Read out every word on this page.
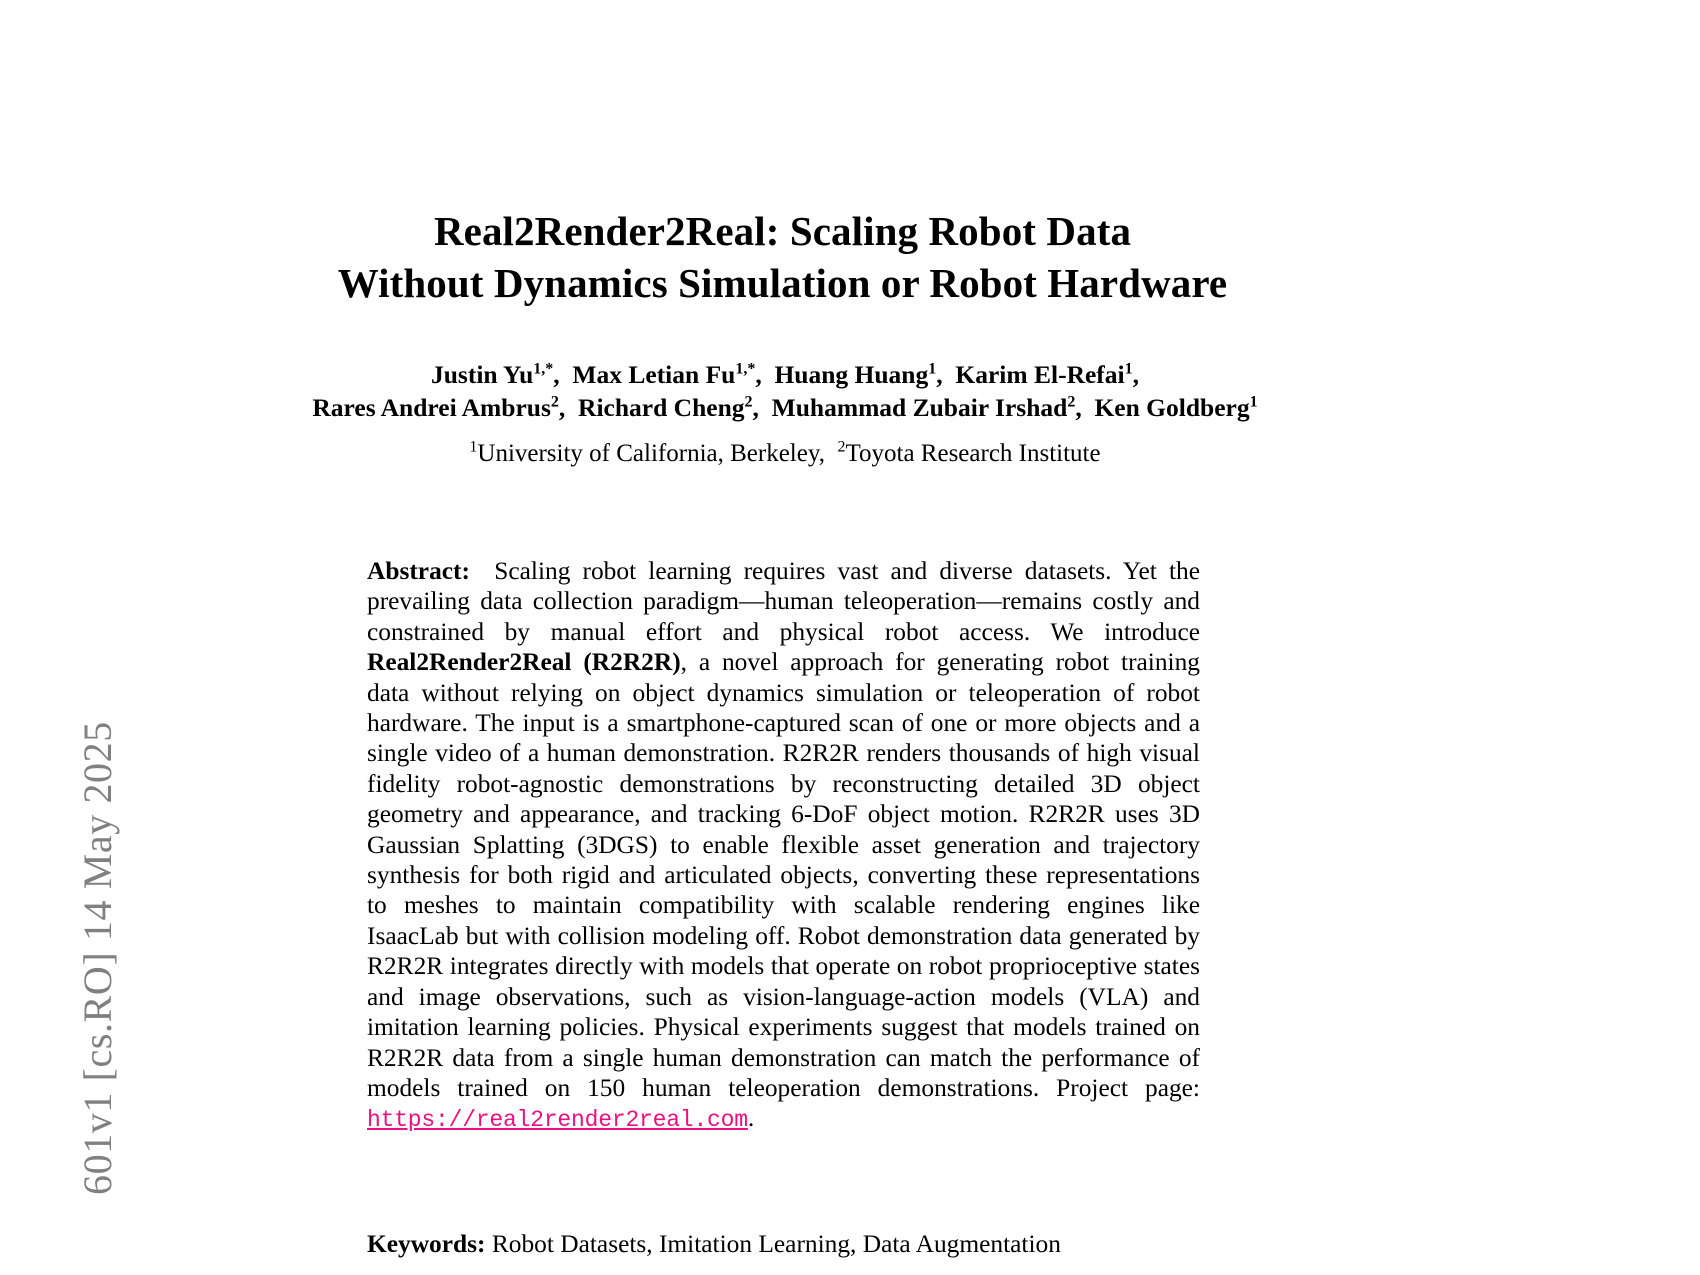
601v1 [cs.RO] 14 May 2025
Real2Render2Real: Scaling Robot Data
Without Dynamics Simulation or Robot Hardware
Justin $Yu^{1,*}$,  Max Letian $Fu^{1,*}$,  Huang Huang$^1$,  Karim El-Refai$^1$,
Rares Andrei Ambrus$^2$,  Richard Cheng$^2$,  Muhammad Zubair Irshad$^2$,  Ken Goldberg$^1$
$^1$University of California, Berkeley, $^2$Toyota Research Institute
Abstract: Scaling robot learning requires vast and diverse datasets. Yet the prevailing data collection paradigm—human teleoperation—remains costly and constrained by manual effort and physical robot access. We introduce Real2Render2Real (R2R2R), a novel approach for generating robot training data without relying on object dynamics simulation or teleoperation of robot hardware. The input is a smartphone-captured scan of one or more objects and a single video of a human demonstration. R2R2R renders thousands of high visual fidelity robot-agnostic demonstrations by reconstructing detailed 3D object geometry and appearance, and tracking 6-DoF object motion. R2R2R uses 3D Gaussian Splatting (3DGS) to enable flexible asset generation and trajectory synthesis for both rigid and articulated objects, converting these representations to meshes to maintain compatibility with scalable rendering engines like IsaacLab but with collision modeling off. Robot demonstration data generated by R2R2R integrates directly with models that operate on robot proprioceptive states and image observations, such as vision-language-action models (VLA) and imitation learning policies. Physical experiments suggest that models trained on R2R2R data from a single human demonstration can match the performance of models trained on 150 human teleoperation demonstrations. Project page: https://real2render2real.com.
Keywords: Robot Datasets, Imitation Learning, Data Augmentation
